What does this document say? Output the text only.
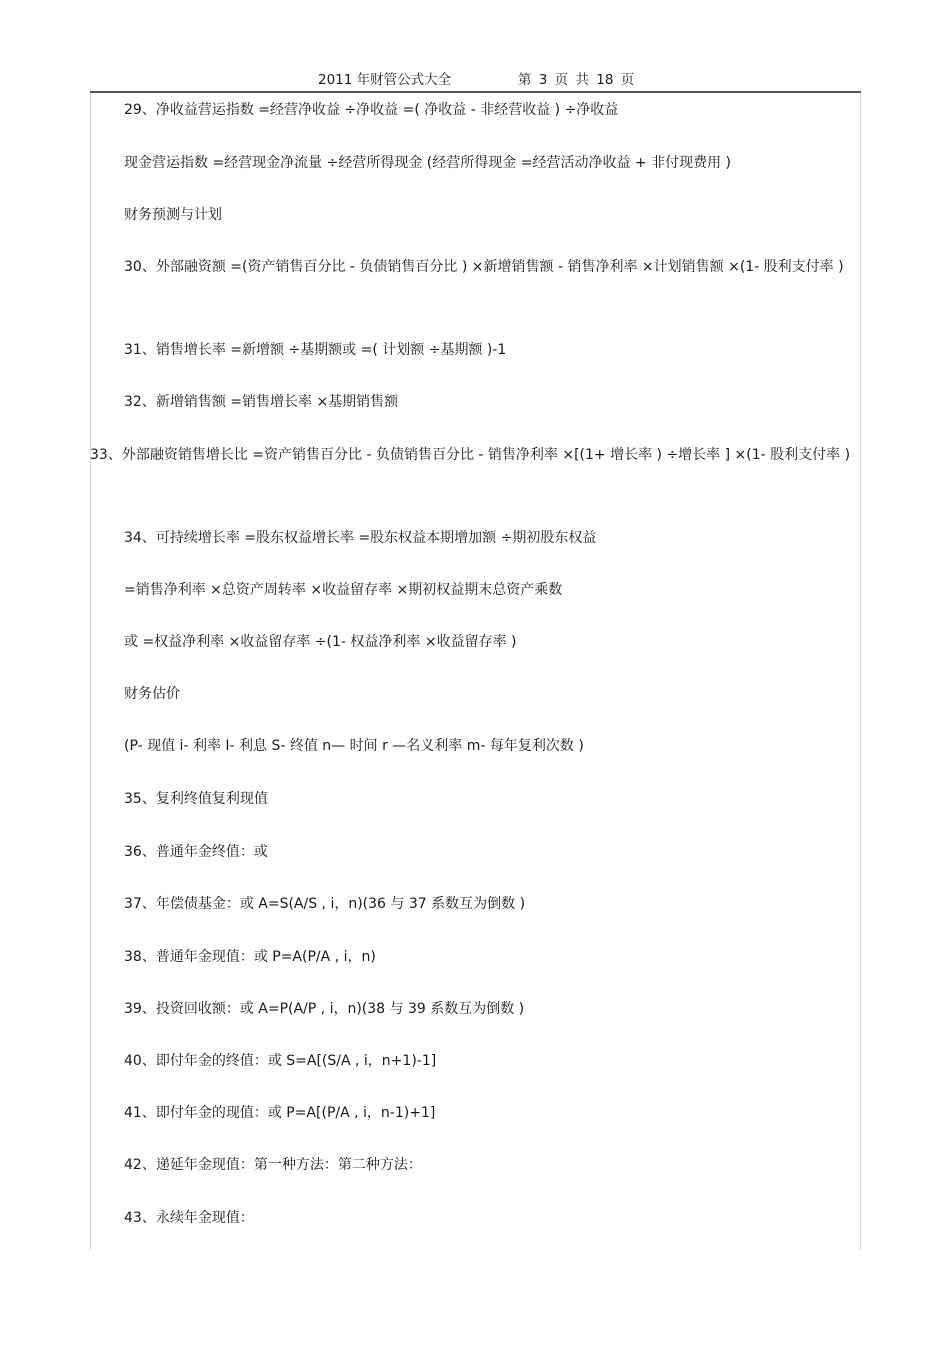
2011 年财管公式大全	第 3 页 共 18 页
29、净收益营运指数 =经营净收益 ÷净收益 =( 净收益 - 非经营收益 ) ÷净收益
现金营运指数 =经营现金净流量 ÷经营所得现金 (经营所得现金 =经营活动净收益 + 非付现费用 )
财务预测与计划
30、外部融资额 =(资产销售百分比 - 负债销售百分比 ) ×新增销售额 - 销售净利率 ×计划销售额 ×(1- 股利支付率 )
31、销售增长率 =新增额 ÷基期额或 =( 计划额 ÷基期额 )-1
32、新增销售额 =销售增长率 ×基期销售额
33、外部融资销售增长比 =资产销售百分比 - 负债销售百分比 - 销售净利率 ×[(1+ 增长率 ) ÷增长率 ] ×(1- 股利支付率 )
34、可持续增长率 =股东权益增长率 =股东权益本期增加额 ÷期初股东权益
=销售净利率 ×总资产周转率 ×收益留存率 ×期初权益期末总资产乘数
或 =权益净利率 ×收益留存率 ÷(1- 权益净利率 ×收益留存率 )
财务估价
(P- 现值 i- 利率 I- 利息 S- 终值 n— 时间 r —名义利率 m- 每年复利次数 )
35、复利终值复利现值
36、普通年金终值：或
37、年偿债基金：或 A=S(A/S , i，n)(36 与 37 系数互为倒数 )
38、普通年金现值：或 P=A(P/A , i，n)
39、投资回收额：或 A=P(A/P , i，n)(38 与 39 系数互为倒数 )
40、即付年金的终值：或 S=A[(S/A , i，n+1)-1]
41、即付年金的现值：或 P=A[(P/A , i，n-1)+1]
42、递延年金现值：第一种方法：第二种方法：
43、永续年金现值：
